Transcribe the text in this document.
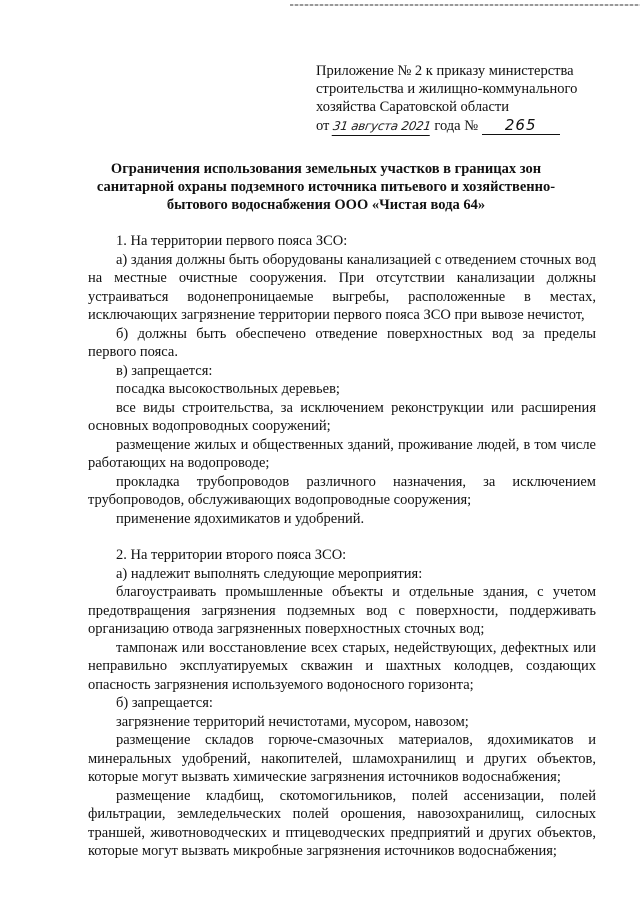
Приложение № 2 к приказу министерства
строительства и жилищно-коммунального
хозяйства Саратовской области
от 31 августа 2021 года № 265
Ограничения использования земельных участков в границах зон санитарной охраны подземного источника питьевого и хозяйственно-бытового водоснабжения ООО «Чистая вода 64»

1. На территории первого пояса ЗСО:

а) здания должны быть оборудованы канализацией с отведением сточных вод на местные очистные сооружения. При отсутствии канализации должны устраиваться водонепроницаемые выгребы, расположенные в местах, исключающих загрязнение территории первого пояса ЗСО при вывозе нечистот,

б) должны быть обеспечено отведение поверхностных вод за пределы первого пояса.

в) запрещается:

посадка высокоствольных деревьев;

все виды строительства, за исключением реконструкции или расширения основных водопроводных сооружений;

размещение жилых и общественных зданий, проживание людей, в том числе работающих на водопроводе;

прокладка трубопроводов различного назначения, за исключением трубопроводов, обслуживающих водопроводные сооружения;

применение ядохимикатов и удобрений.

2. На территории второго пояса ЗСО:

а) надлежит выполнять следующие мероприятия:

благоустраивать промышленные объекты и отдельные здания, с учетом предотвращения загрязнения подземных вод с поверхности, поддерживать организацию отвода загрязненных поверхностных сточных вод;

тампонаж или восстановление всех старых, недействующих, дефектных или неправильно эксплуатируемых скважин и шахтных колодцев, создающих опасность загрязнения используемого водоносного горизонта;

б) запрещается:

загрязнение территорий нечистотами, мусором, навозом;

размещение складов горюче-смазочных материалов, ядохимикатов и минеральных удобрений, накопителей, шламохранилищ и других объектов, которые могут вызвать химические загрязнения источников водоснабжения;

размещение кладбищ, скотомогильников, полей ассенизации, полей фильтрации, земледельческих полей орошения, навозохранилищ, силосных траншей, животноводческих и птицеводческих предприятий и других объектов, которые могут вызвать микробные загрязнения источников водоснабжения;
